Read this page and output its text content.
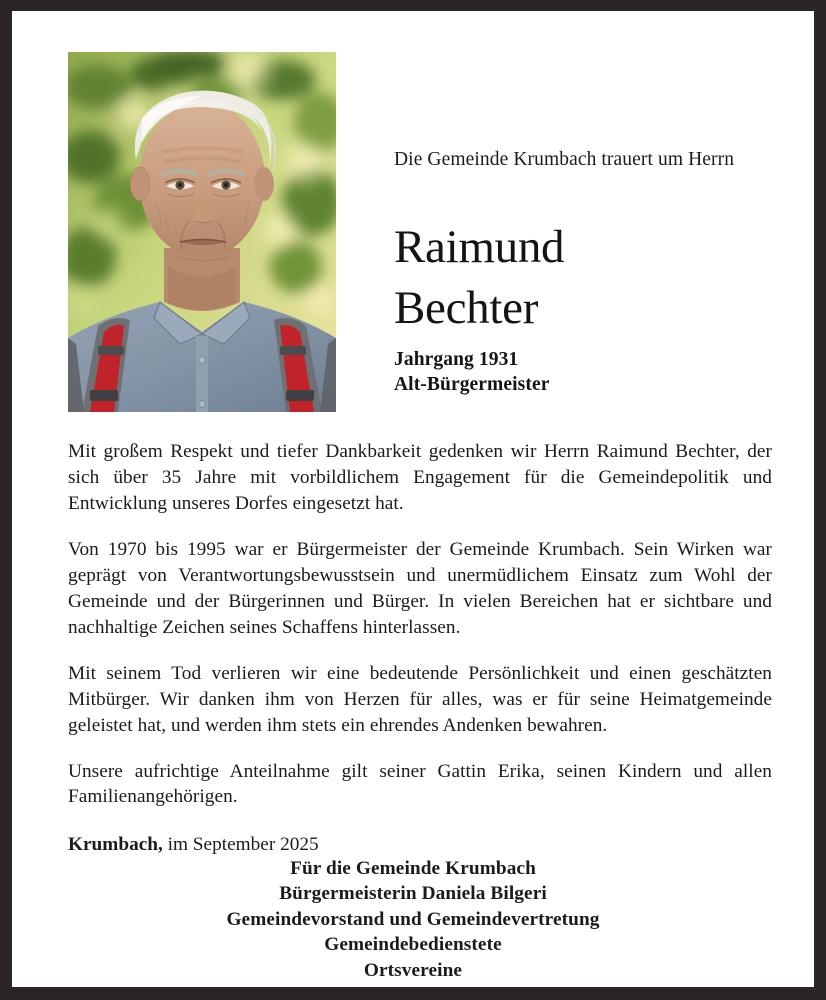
Die Gemeinde Krumbach trauert um Herrn
Raimund
Bechter
Jahrgang 1931
Alt-Bürgermeister

Mit großem Respekt und tiefer Dankbarkeit gedenken wir Herrn Raimund Bechter, der sich über 35 Jahre mit vorbildlichem Engagement für die Gemeindepolitik und Entwicklung unseres Dorfes eingesetzt hat.

Von 1970 bis 1995 war er Bürgermeister der Gemeinde Krumbach. Sein Wirken war geprägt von Verantwortungsbewusstsein und unermüdlichem Einsatz zum Wohl der Gemeinde und der Bürgerinnen und Bürger. In vielen Bereichen hat er sichtbare und nachhaltige Zeichen seines Schaffens hinterlassen.

Mit seinem Tod verlieren wir eine bedeutende Persönlichkeit und einen geschätzten Mitbürger. Wir danken ihm von Herzen für alles, was er für seine Heimatgemeinde geleistet hat, und werden ihm stets ein ehrendes Andenken bewahren.

Unsere aufrichtige Anteilnahme gilt seiner Gattin Erika, seinen Kindern und allen Familienangehörigen.

Krumbach, im September 2025
Für die Gemeinde Krumbach
Bürgermeisterin Daniela Bilgeri
Gemeindevorstand und Gemeindevertretung
Gemeindebedienstete
Ortsvereine
